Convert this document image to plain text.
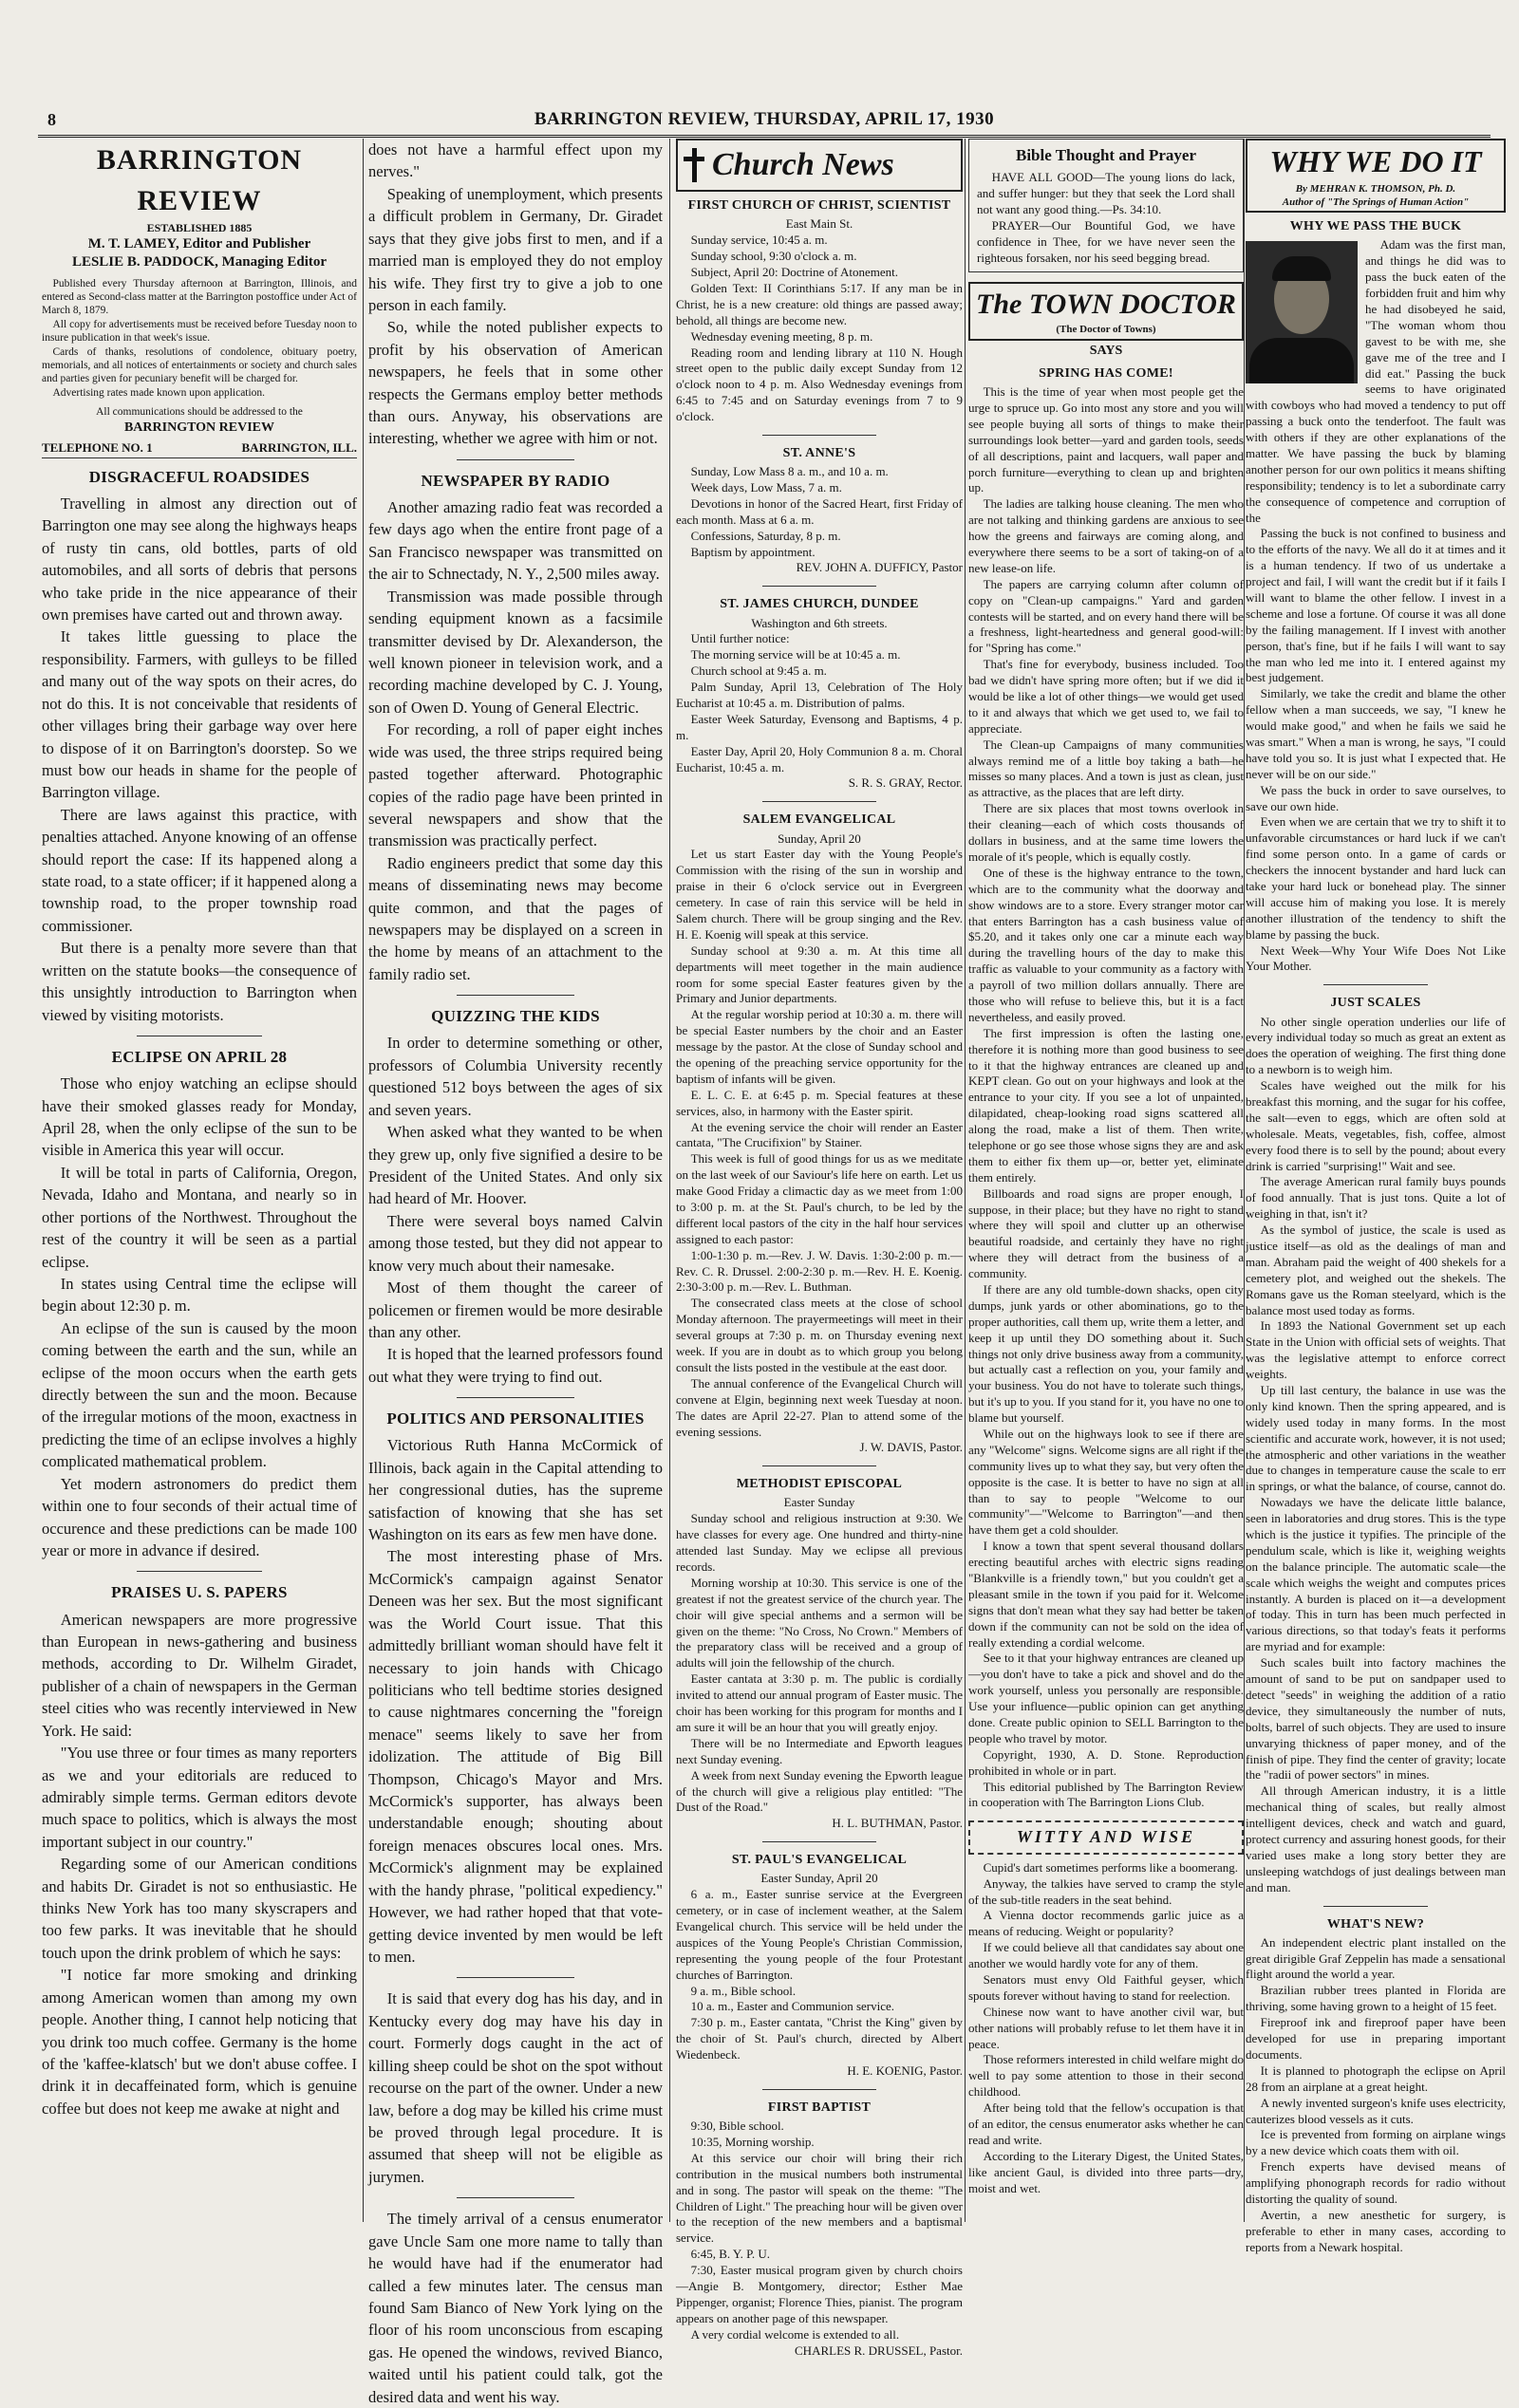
8	BARRINGTON REVIEW, THURSDAY, APRIL 17, 1930
BARRINGTON REVIEW
ESTABLISHED 1885
M. T. LAMEY, Editor and Publisher
LESLIE B. PADDOCK, Managing Editor

Published every Thursday afternoon at Barrington, Illinois, and entered as Second-class matter at the Barrington postoffice under Act of March 8, 1879.

All copy for advertisements must be received before Tuesday noon to insure publication in that week's issue.

Cards of thanks, resolutions of condolence, obituary poetry, memorials, and all notices of entertainments or society and church sales and parties given for pecuniary benefit will be charged for.

Advertising rates made known upon application.

All communications should be addressed to the
BARRINGTON REVIEW
TELEPHONE NO. 1	BARRINGTON, ILL.
DISGRACEFUL ROADSIDES

Travelling in almost any direction out of Barrington one may see along the highways heaps of rusty tin cans, old bottles, parts of old automobiles, and all sorts of debris that persons who take pride in the nice appearance of their own premises have carted out and thrown away.

It takes little guessing to place the responsibility. Farmers, with gulleys to be filled and many out of the way spots on their acres, do not do this. It is not conceivable that residents of other villages bring their garbage way over here to dispose of it on Barrington's doorstep. So we must bow our heads in shame for the people of Barrington village.

There are laws against this practice, with penalties attached. Anyone knowing of an offense should report the case: If its happened along a state road, to a state officer; if it happened along a township road, to the proper township road commissioner.

But there is a penalty more severe than that written on the statute books—the consequence of this unsightly introduction to Barrington when viewed by visiting motorists.

ECLIPSE ON APRIL 28

Those who enjoy watching an eclipse should have their smoked glasses ready for Monday, April 28, when the only eclipse of the sun to be visible in America this year will occur.

It will be total in parts of California, Oregon, Nevada, Idaho and Montana, and nearly so in other portions of the Northwest. Throughout the rest of the country it will be seen as a partial eclipse.

In states using Central time the eclipse will begin about 12:30 p. m.

An eclipse of the sun is caused by the moon coming between the earth and the sun, while an eclipse of the moon occurs when the earth gets directly between the sun and the moon. Because of the irregular motions of the moon, exactness in predicting the time of an eclipse involves a highly complicated mathematical problem.

Yet modern astronomers do predict them within one to four seconds of their actual time of occurence and these predictions can be made 100 year or more in advance if desired.

PRAISES U. S. PAPERS

American newspapers are more progressive than European in news-gathering and business methods, according to Dr. Wilhelm Giradet, publisher of a chain of newspapers in the German steel cities who was recently interviewed in New York. He said:

"You use three or four times as many reporters as we and your editorials are reduced to admirably simple terms. German editors devote much space to politics, which is always the most important subject in our country."

Regarding some of our American conditions and habits Dr. Giradet is not so enthusiastic. He thinks New York has too many skyscrapers and too few parks. It was inevitable that he should touch upon the drink problem of which he says:

"I notice far more smoking and drinking among American women than among my own people. Another thing, I cannot help noticing that you drink too much coffee. Germany is the home of the 'kaffee-klatsch' but we don't abuse coffee. I drink it in decaffeinated form, which is genuine coffee but does not keep me awake at night and

does not have a harmful effect upon my nerves."

Speaking of unemployment, which presents a difficult problem in Germany, Dr. Giradet says that they give jobs first to men, and if a married man is employed they do not employ his wife. They first try to give a job to one person in each family.

So, while the noted publisher expects to profit by his observation of American newspapers, he feels that in some other respects the Germans employ better methods than ours. Anyway, his observations are interesting, whether we agree with him or not.

NEWSPAPER BY RADIO

Another amazing radio feat was recorded a few days ago when the entire front page of a San Francisco newspaper was transmitted on the air to Schnectady, N. Y., 2,500 miles away.

Transmission was made possible through sending equipment known as a facsimile transmitter devised by Dr. Alexanderson, the well known pioneer in television work, and a recording machine developed by C. J. Young, son of Owen D. Young of General Electric.

For recording, a roll of paper eight inches wide was used, the three strips required being pasted together afterward. Photographic copies of the radio page have been printed in several newspapers and show that the transmission was practically perfect.

Radio engineers predict that some day this means of disseminating news may become quite common, and that the pages of newspapers may be displayed on a screen in the home by means of an attachment to the family radio set.

QUIZZING THE KIDS

In order to determine something or other, professors of Columbia University recently questioned 512 boys between the ages of six and seven years.

When asked what they wanted to be when they grew up, only five signified a desire to be President of the United States. And only six had heard of Mr. Hoover.

There were several boys named Calvin among those tested, but they did not appear to know very much about their namesake.

Most of them thought the career of policemen or firemen would be more desirable than any other.

It is hoped that the learned professors found out what they were trying to find out.

POLITICS AND PERSONALITIES

Victorious Ruth Hanna McCormick of Illinois, back again in the Capital attending to her congressional duties, has the supreme satisfaction of knowing that she has set Washington on its ears as few men have done.

The most interesting phase of Mrs. McCormick's campaign against Senator Deneen was her sex. But the most significant was the World Court issue. That this admittedly brilliant woman should have felt it necessary to join hands with Chicago politicians who tell bedtime stories designed to cause nightmares concerning the "foreign menace" seems likely to save her from idolization. The attitude of Big Bill Thompson, Chicago's Mayor and Mrs. McCormick's supporter, has always been understandable enough; shouting about foreign menaces obscures local ones. Mrs. McCormick's alignment may be explained with the handy phrase, "political expediency." However, we had rather hoped that that vote-getting device invented by men would be left to men.

It is said that every dog has his day, and in Kentucky every dog may have his day in court. Formerly dogs caught in the act of killing sheep could be shot on the spot without recourse on the part of the owner. Under a new law, before a dog may be killed his crime must be proved through legal procedure. It is assumed that sheep will not be eligible as jurymen.

The timely arrival of a census enumerator gave Uncle Sam one more name to tally than he would have had if the enumerator had called a few minutes later. The census man found Sam Bianco of New York lying on the floor of his room unconscious from escaping gas. He opened the windows, revived Bianco, waited until his patient could talk, got the desired data and went his way.

Church News
FIRST CHURCH OF CHRIST, SCIENTIST

East Main St.

Sunday service, 10:45 a. m.

Sunday school, 9:30 o'clock a. m.

Subject, April 20: Doctrine of Atonement.

Golden Text: II Corinthians 5:17. If any man be in Christ, he is a new creature: old things are passed away; behold, all things are become new.

Wednesday evening meeting, 8 p. m.

Reading room and lending library at 110 N. Hough street open to the public daily except Sunday from 12 o'clock noon to 4 p. m. Also Wednesday evenings from 6:45 to 7:45 and on Saturday evenings from 7 to 9 o'clock.

ST. ANNE'S

Sunday, Low Mass 8 a. m., and 10 a. m.

Week days, Low Mass, 7 a. m.

Devotions in honor of the Sacred Heart, first Friday of each month. Mass at 6 a. m.

Confessions, Saturday, 8 p. m.

Baptism by appointment.

REV. JOHN A. DUFFICY, Pastor

ST. JAMES CHURCH, DUNDEE

Washington and 6th streets.

Until further notice:

The morning service will be at 10:45 a. m.

Church school at 9:45 a. m.

Palm Sunday, April 13, Celebration of The Holy Eucharist at 10:45 a. m. Distribution of palms.

Easter Week Saturday, Evensong and Baptisms, 4 p. m.

Easter Day, April 20, Holy Communion 8 a. m. Choral Eucharist, 10:45 a. m.

S. R. S. GRAY, Rector.

SALEM EVANGELICAL

Sunday, April 20

Let us start Easter day with the Young People's Commission with the rising of the sun in worship and praise in their 6 o'clock service out in Evergreen cemetery. In case of rain this service will be held in Salem church. There will be group singing and the Rev. H. E. Koenig will speak at this service.

Sunday school at 9:30 a. m. At this time all departments will meet together in the main audience room for some special Easter features given by the Primary and Junior departments.

At the regular worship period at 10:30 a. m. there will be special Easter numbers by the choir and an Easter message by the pastor. At the close of Sunday school and the opening of the preaching service opportunity for the baptism of infants will be given.

E. L. C. E. at 6:45 p. m. Special features at these services, also, in harmony with the Easter spirit.

At the evening service the choir will render an Easter cantata, "The Crucifixion" by Stainer.

This week is full of good things for us as we meditate on the last week of our Saviour's life here on earth. Let us make Good Friday a climactic day as we meet from 1:00 to 3:00 p. m. at the St. Paul's church, to be led by the different local pastors of the city in the half hour services assigned to each pastor:

1:00-1:30 p. m.—Rev. J. W. Davis. 1:30-2:00 p. m.—Rev. C. R. Drussel. 2:00-2:30 p. m.—Rev. H. E. Koenig. 2:30-3:00 p. m.—Rev. L. Buthman.

The consecrated class meets at the close of school Monday afternoon. The prayermeetings will meet in their several groups at 7:30 p. m. on Thursday evening next week. If you are in doubt as to which group you belong consult the lists posted in the vestibule at the east door.

The annual conference of the Evangelical Church will convene at Elgin, beginning next week Tuesday at noon. The dates are April 22-27. Plan to attend some of the evening sessions.

J. W. DAVIS, Pastor.

METHODIST EPISCOPAL

Easter Sunday

Sunday school and religious instruction at 9:30. We have classes for every age. One hundred and thirty-nine attended last Sunday. May we eclipse all previous records.

Morning worship at 10:30. This service is one of the greatest if not the greatest service of the church year. The choir will give special anthems and a sermon will be given on the theme: "No Cross, No Crown." Members of the preparatory class will be received and a group of adults will join the fellowship of the church.

Easter cantata at 3:30 p. m. The public is cordially invited to attend our annual program of Easter music. The choir has been working for this program for months and I am sure it will be an hour that you will greatly enjoy.

There will be no Intermediate and Epworth leagues next Sunday evening.

A week from next Sunday evening the Epworth league of the church will give a religious play entitled: "The Dust of the Road."

H. L. BUTHMAN, Pastor.

ST. PAUL'S EVANGELICAL

Easter Sunday, April 20

6 a. m., Easter sunrise service at the Evergreen cemetery, or in case of inclement weather, at the Salem Evangelical church. This service will be held under the auspices of the Young People's Christian Commission, representing the young people of the four Protestant churches of Barrington.

9 a. m., Bible school.

10 a. m., Easter and Communion service.

7:30 p. m., Easter cantata, "Christ the King" given by the choir of St. Paul's church, directed by Albert Wiedenbeck.

H. E. KOENIG, Pastor.

FIRST BAPTIST

9:30, Bible school.

10:35, Morning worship.

At this service our choir will bring their rich contribution in the musical numbers both instrumental and in song. The pastor will speak on the theme: "The Children of Light." The preaching hour will be given over to the reception of the new members and a baptismal service.

6:45, B. Y. P. U.

7:30, Easter musical program given by church choirs—Angie B. Montgomery, director; Esther Mae Pippenger, organist; Florence Thies, pianist. The program appears on another page of this newspaper.

A very cordial welcome is extended to all.

CHARLES R. DRUSSEL, Pastor.

Bible Thought and Prayer

HAVE ALL GOOD—The young lions do lack, and suffer hunger: but they that seek the Lord shall not want any good thing.—Ps. 34:10.

PRAYER—Our Bountiful God, we have confidence in Thee, for we have never seen the righteous forsaken, nor his seed begging bread.

The TOWN DOCTOR
(The Doctor of Towns)
SAYS
SPRING HAS COME!

This is the time of year when most people get the urge to spruce up. Go into most any store and you will see people buying all sorts of things to make their surroundings look better—yard and garden tools, seeds of all descriptions, paint and lacquers, wall paper and porch furniture—everything to clean up and brighten up.

The ladies are talking house cleaning. The men who are not talking and thinking gardens are anxious to see how the greens and fairways are coming along, and everywhere there seems to be a sort of taking-on of a new lease-on life.

The papers are carrying column after column of copy on "Clean-up campaigns." Yard and garden contests will be started, and on every hand there will be a freshness, light-heartedness and general good-will: for "Spring has come."

That's fine for everybody, business included. Too bad we didn't have spring more often; but if we did it would be like a lot of other things—we would get used to it and always that which we get used to, we fail to appreciate.

The Clean-up Campaigns of many communities always remind me of a little boy taking a bath—he misses so many places. And a town is just as clean, just as attractive, as the places that are left dirty.

There are six places that most towns overlook in their cleaning—each of which costs thousands of dollars in business, and at the same time lowers the morale of it's people, which is equally costly.

One of these is the highway entrance to the town, which are to the community what the doorway and show windows are to a store. Every stranger motor car that enters Barrington has a cash business value of $5.20, and it takes only one car a minute each way during the travelling hours of the day to make this traffic as valuable to your community as a factory with a payroll of two million dollars annually. There are those who will refuse to believe this, but it is a fact nevertheless, and easily proved.

The first impression is often the lasting one, therefore it is nothing more than good business to see to it that the highway entrances are cleaned up and KEPT clean. Go out on your highways and look at the entrance to your city. If you see a lot of unpainted, dilapidated, cheap-looking road signs scattered all along the road, make a list of them. Then write, telephone or go see those whose signs they are and ask them to either fix them up—or, better yet, eliminate them entirely.

Billboards and road signs are proper enough, I suppose, in their place; but they have no right to stand where they will spoil and clutter up an otherwise beautiful roadside, and certainly they have no right where they will detract from the business of a community.

If there are any old tumble-down shacks, open city dumps, junk yards or other abominations, go to the proper authorities, call them up, write them a letter, and keep it up until they DO something about it. Such things not only drive business away from a community, but actually cast a reflection on you, your family and your business. You do not have to tolerate such things, but it's up to you. If you stand for it, you have no one to blame but yourself.

While out on the highways look to see if there are any "Welcome" signs. Welcome signs are all right if the community lives up to what they say, but very often the opposite is the case. It is better to have no sign at all than to say to people "Welcome to our community"—"Welcome to Barrington"—and then have them get a cold shoulder.

I know a town that spent several thousand dollars erecting beautiful arches with electric signs reading "Blankville is a friendly town," but you couldn't get a pleasant smile in the town if you paid for it. Welcome signs that don't mean what they say had better be taken down if the community can not be sold on the idea of really extending a cordial welcome.

See to it that your highway entrances are cleaned up—you don't have to take a pick and shovel and do the work yourself, unless you personally are responsible. Use your influence—public opinion can get anything done. Create public opinion to SELL Barrington to the people who travel by motor.

Copyright, 1930, A. D. Stone. Reproduction prohibited in whole or in part.

This editorial published by The Barrington Review in cooperation with The Barrington Lions Club.

WITTY AND WISE

Cupid's dart sometimes performs like a boomerang.

Anyway, the talkies have served to cramp the style of the sub-title readers in the seat behind.

A Vienna doctor recommends garlic juice as a means of reducing. Weight or popularity?

If we could believe all that candidates say about one another we would hardly vote for any of them.

Senators must envy Old Faithful geyser, which spouts forever without having to stand for reelection.

Chinese now want to have another civil war, but other nations will probably refuse to let them have it in peace.

Those reformers interested in child welfare might do well to pay some attention to those in their second childhood.

After being told that the fellow's occupation is that of an editor, the census enumerator asks whether he can read and write.

According to the Literary Digest, the United States, like ancient Gaul, is divided into three parts—dry, moist and wet.

WHY WE DO IT
By MEHRAN K. THOMSON, Ph. D.
Author of "The Springs of Human Action"
WHY WE PASS THE BUCK

Adam was the first man, and things he did was to pass the buck eaten of the forbidden fruit and him why he had disobeyed he said, "The woman whom thou gavest to be with me, she gave me of the tree and I did eat." Passing the buck seems to have originated with cowboys who had moved a tendency to put off passing a buck onto the tenderfoot. The fault was with others if they are other explanations of the matter. We have passing the buck by blaming another person for our own politics it means shifting responsibility; tendency is to let a subordinate carry the consequence of competence and corruption of the

Passing the buck is not confined to business and to the efforts of the navy. We all do it at times and it is a human tendency. If two of us undertake a project and fail, I will want the credit but if it fails I will want to blame the other fellow. I invest in a scheme and lose a fortune. Of course it was all done by the failing management. If I invest with another person, that's fine, but if he fails I will want to say the man who led me into it. I entered against my best judgement.

Similarly, we take the credit and blame the other fellow when a man succeeds, we say, "I knew he would make good," and when he fails we said he was smart." When a man is wrong, he says, "I could have told you so. It is just what I expected that. He never will be on our side."

We pass the buck in order to save ourselves, to save our own hide.

Even when we are certain that we try to shift it to unfavorable circumstances or hard luck if we can't find some person onto. In a game of cards or checkers the innocent bystander and hard luck can take your hard luck or bonehead play. The sinner will accuse him of making you lose. It is merely another illustration of the tendency to shift the blame by passing the buck.

Next Week—Why Your Wife Does Not Like Your Mother.

JUST SCALES

No other single operation underlies our life of every individual today so much as great an extent as does the operation of weighing. The first thing done to a newborn is to weigh him.

Scales have weighed out the milk for his breakfast this morning, and the sugar for his coffee, the salt—even to eggs, which are often sold at wholesale. Meats, vegetables, fish, coffee, almost every food there is to sell by the pound; about every drink is carried "surprising!" Wait and see.

The average American rural family buys pounds of food annually. That is just tons. Quite a lot of weighing in that, isn't it?

As the symbol of justice, the scale is used as justice itself—as old as the dealings of man and man. Abraham paid the weight of 400 shekels for a cemetery plot, and weighed out the shekels. The Romans gave us the Roman steelyard, which is the balance most used today as forms.

In 1893 the National Government set up each State in the Union with official sets of weights. That was the legislative attempt to enforce correct weights.

Up till last century, the balance in use was the only kind known. Then the spring appeared, and is widely used today in many forms. In the most scientific and accurate work, however, it is not used; the atmospheric and other variations in the weather due to changes in temperature cause the scale to err in springs, or what the balance, of course, cannot do.

Nowadays we have the delicate little balance, seen in laboratories and drug stores. This is the type which is the justice it typifies. The principle of the pendulum scale, which is like it, weighing weights on the balance principle. The automatic scale—the scale which weighs the weight and computes prices instantly. A burden is placed on it—a development of today. This in turn has been much perfected in various directions, so that today's feats it performs are myriad and for example:

Such scales built into factory machines the amount of sand to be put on sandpaper used to detect "seeds" in weighing the addition of a ratio device, they simultaneously the number of nuts, bolts, barrel of such objects. They are used to insure unvarying thickness of paper money, and of the finish of pipe. They find the center of gravity; locate the "radii of power sectors" in mines.

All through American industry, it is a little mechanical thing of scales, but really almost intelligent devices, check and watch and guard, protect currency and assuring honest goods, for their varied uses make a long story better they are unsleeping watchdogs of just dealings between man and man.

WHAT'S NEW?

An independent electric plant installed on the great dirigible Graf Zeppelin has made a sensational flight around the world a year.

Brazilian rubber trees planted in Florida are thriving, some having grown to a height of 15 feet.

Fireproof ink and fireproof paper have been developed for use in preparing important documents.

It is planned to photograph the eclipse on April 28 from an airplane at a great height.

A newly invented surgeon's knife uses electricity, cauterizes blood vessels as it cuts.

Ice is prevented from forming on airplane wings by a new device which coats them with oil.

French experts have devised means of amplifying phonograph records for radio without distorting the quality of sound.

Avertin, a new anesthetic for surgery, is preferable to ether in many cases, according to reports from a Newark hospital.
